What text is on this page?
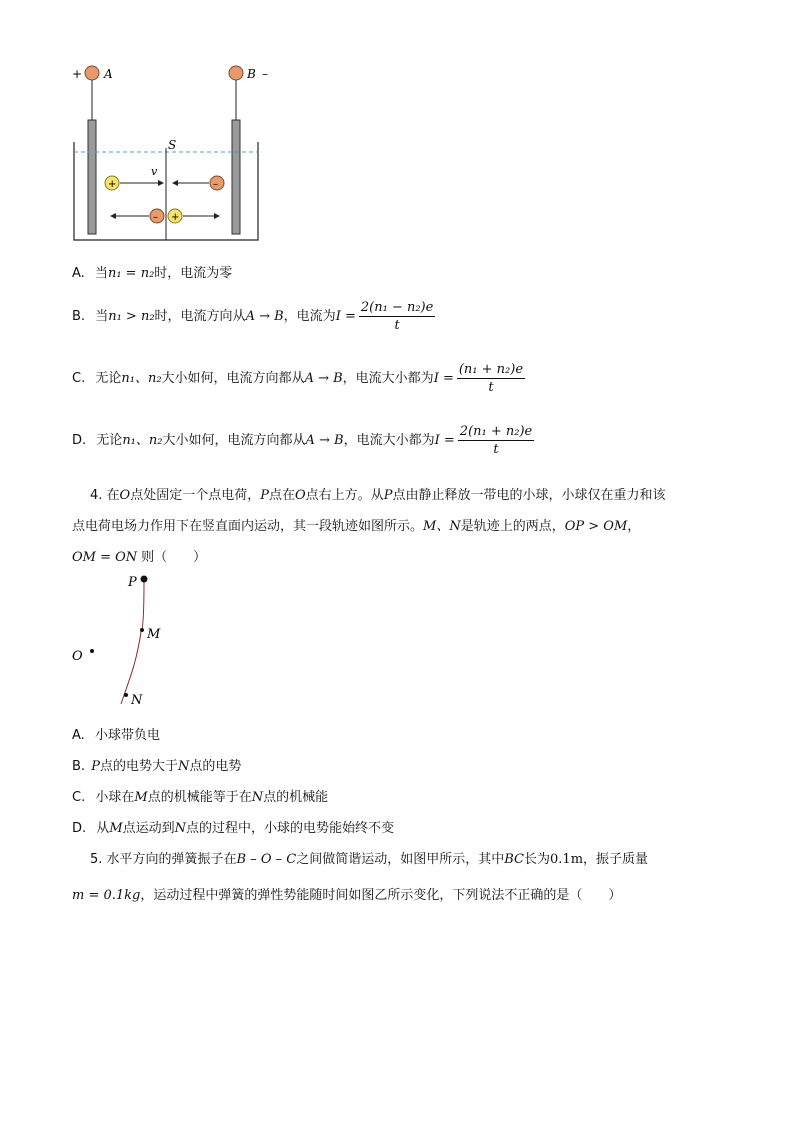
+ A	B –
S
v
+	–
– +
A. 当n₁ = n₂时，电流为零
B. 当n₁ > n₂时，电流方向从A → B，电流为$I = \frac{\text{2(n₁ − n₂)e}}{t}$
C. 无论n₁、n₂大小如何，电流方向都从A → B，电流大小都为$I = \frac{\text{(n₁ + n₂)e}}{t}$
D. 无论n₁、n₂大小如何，电流方向都从A → B，电流大小都为$I = \frac{\text{2(n₁ + n₂)e}}{t}$
4. 在O点处固定一个点电荷，P点在O点右上方。从P点由静止释放一带电的小球，小球仅在重力和该
点电荷电场力作用下在竖直面内运动，其一段轨迹如图所示。M、N是轨迹上的两点，OP > OM，
OM = ON 则（　　）
P
M
O
N
A. 小球带负电
B. P点的电势大于N点的电势
C. 小球在M点的机械能等于在N点的机械能
D. 从M点运动到N点的过程中，小球的电势能始终不变
5. 水平方向的弹簧振子在B – O – C之间做简谐运动，如图甲所示，其中BC长为0.1m，振子质量
m = 0.1kg，运动过程中弹簧的弹性势能随时间如图乙所示变化，下列说法不正确的是（　　）
